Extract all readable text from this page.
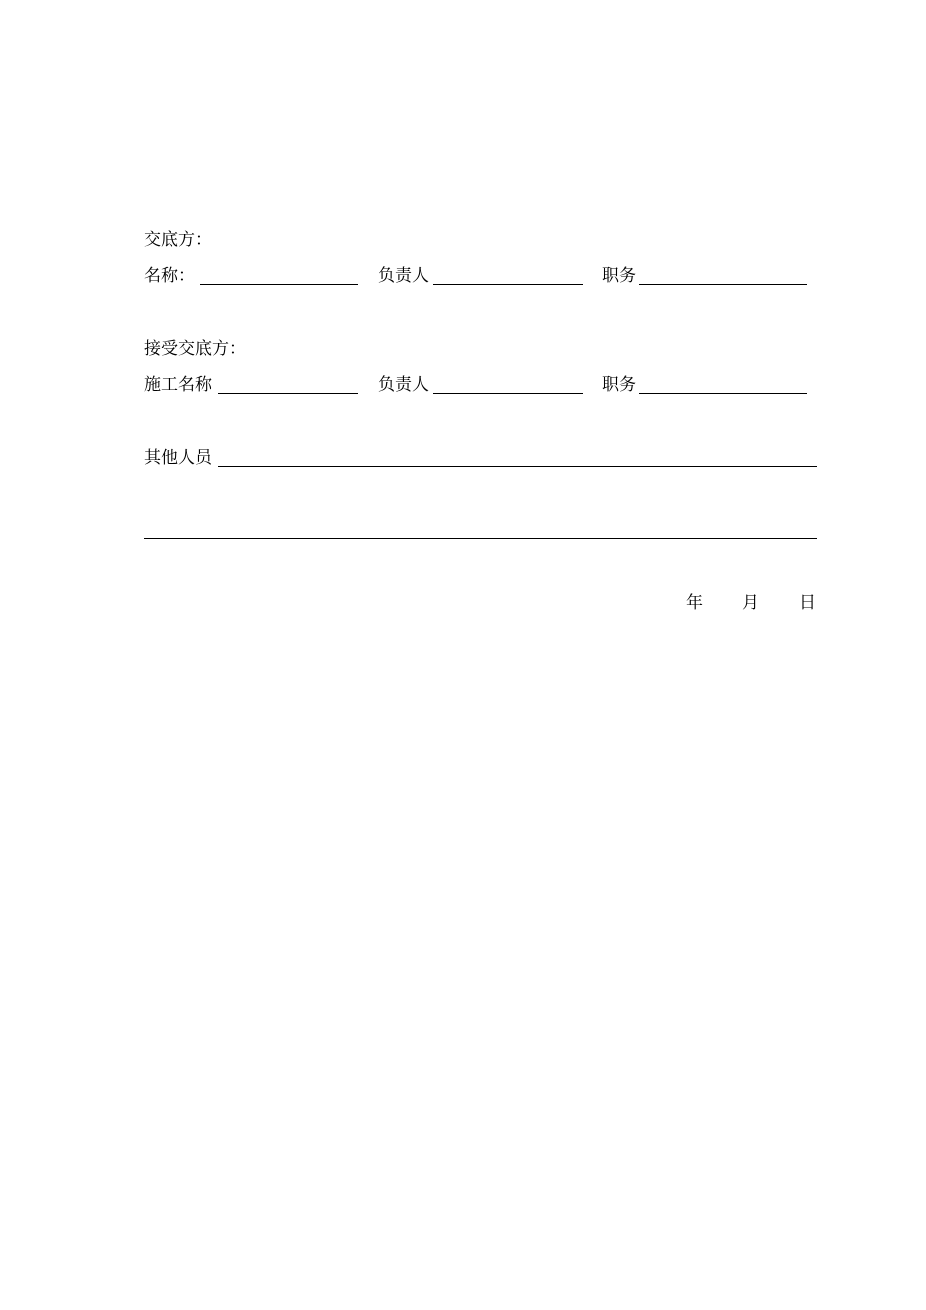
交底方：
名称：	负责人	职务
接受交底方：
施工名称	负责人	职务
其他人员
年 月 日
